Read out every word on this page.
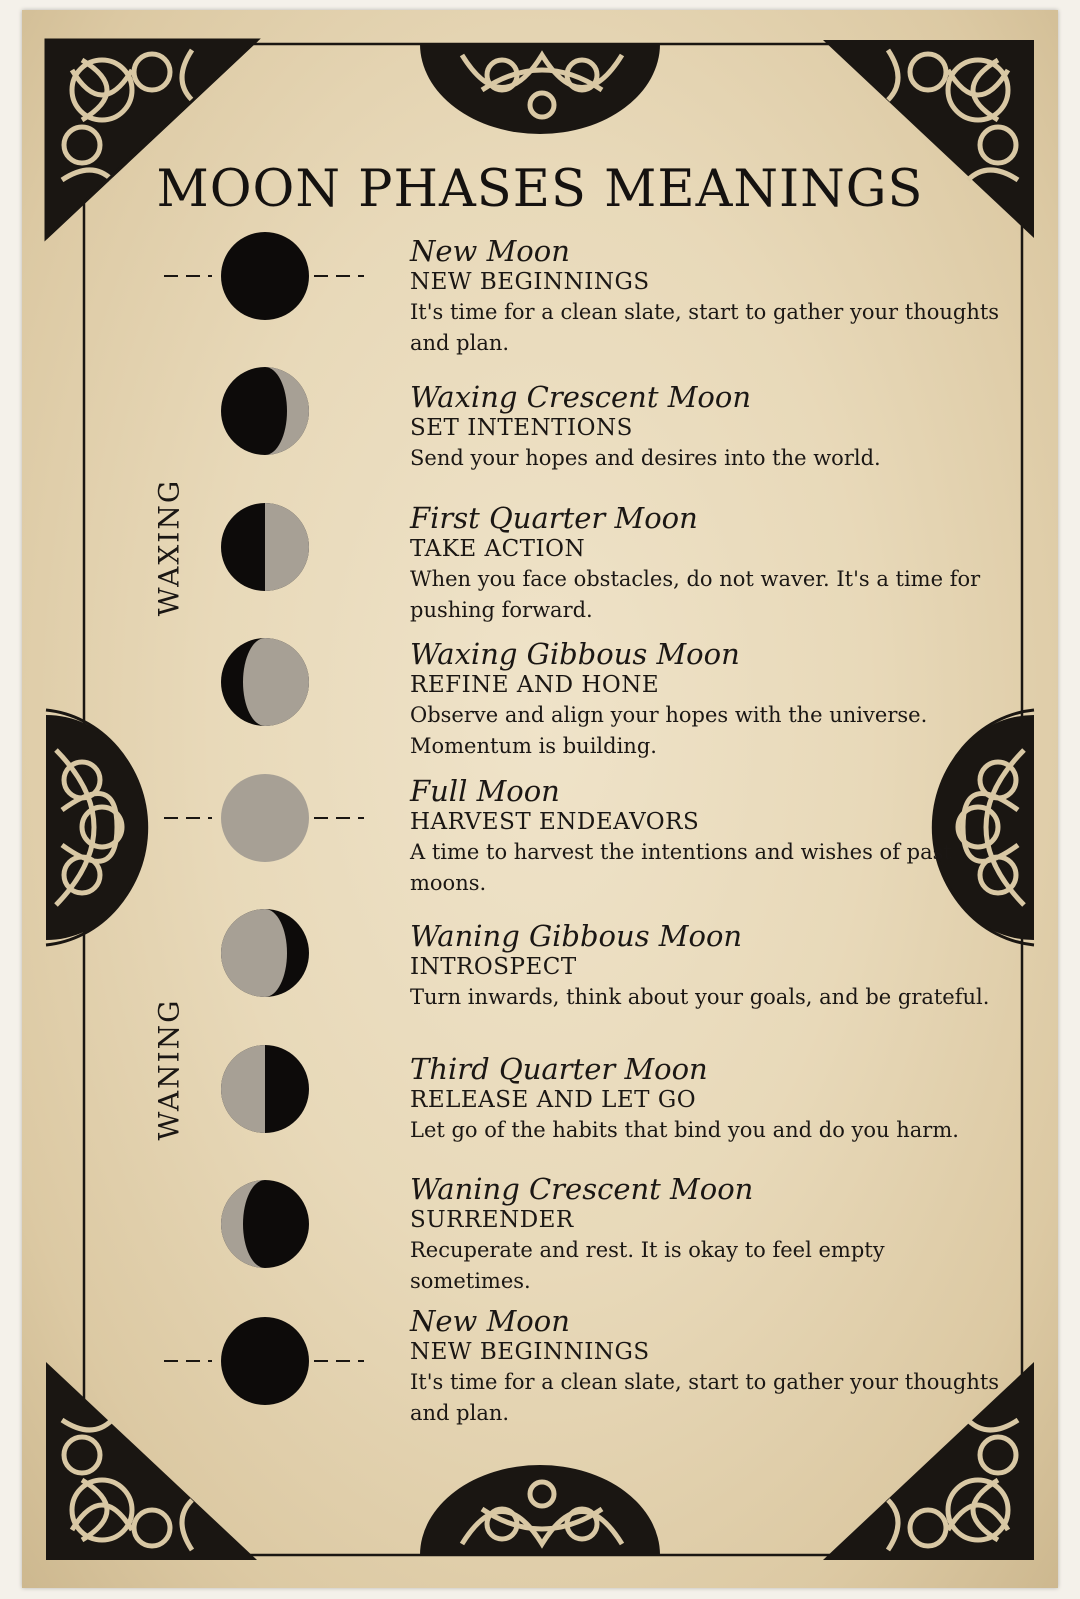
MOON PHASES MEANINGS
WAXING
WANING
New Moon
NEW BEGINNINGS
It's time for a clean slate, start to gather your thoughts and plan.
Waxing Crescent Moon
SET INTENTIONS
Send your hopes and desires into the world.
First Quarter Moon
TAKE ACTION
When you face obstacles, do not waver. It's a time for pushing forward.
Waxing Gibbous Moon
REFINE AND HONE
Observe and align your hopes with the universe. Momentum is building.
Full Moon
HARVEST ENDEAVORS
A time to harvest the intentions and wishes of past moons.
Waning Gibbous Moon
INTROSPECT
Turn inwards, think about your goals, and be grateful.
Third Quarter Moon
RELEASE AND LET GO
Let go of the habits that bind you and do you harm.
Waning Crescent Moon
SURRENDER
Recuperate and rest. It is okay to feel empty sometimes.
New Moon
NEW BEGINNINGS
It's time for a clean slate, start to gather your thoughts and plan.
